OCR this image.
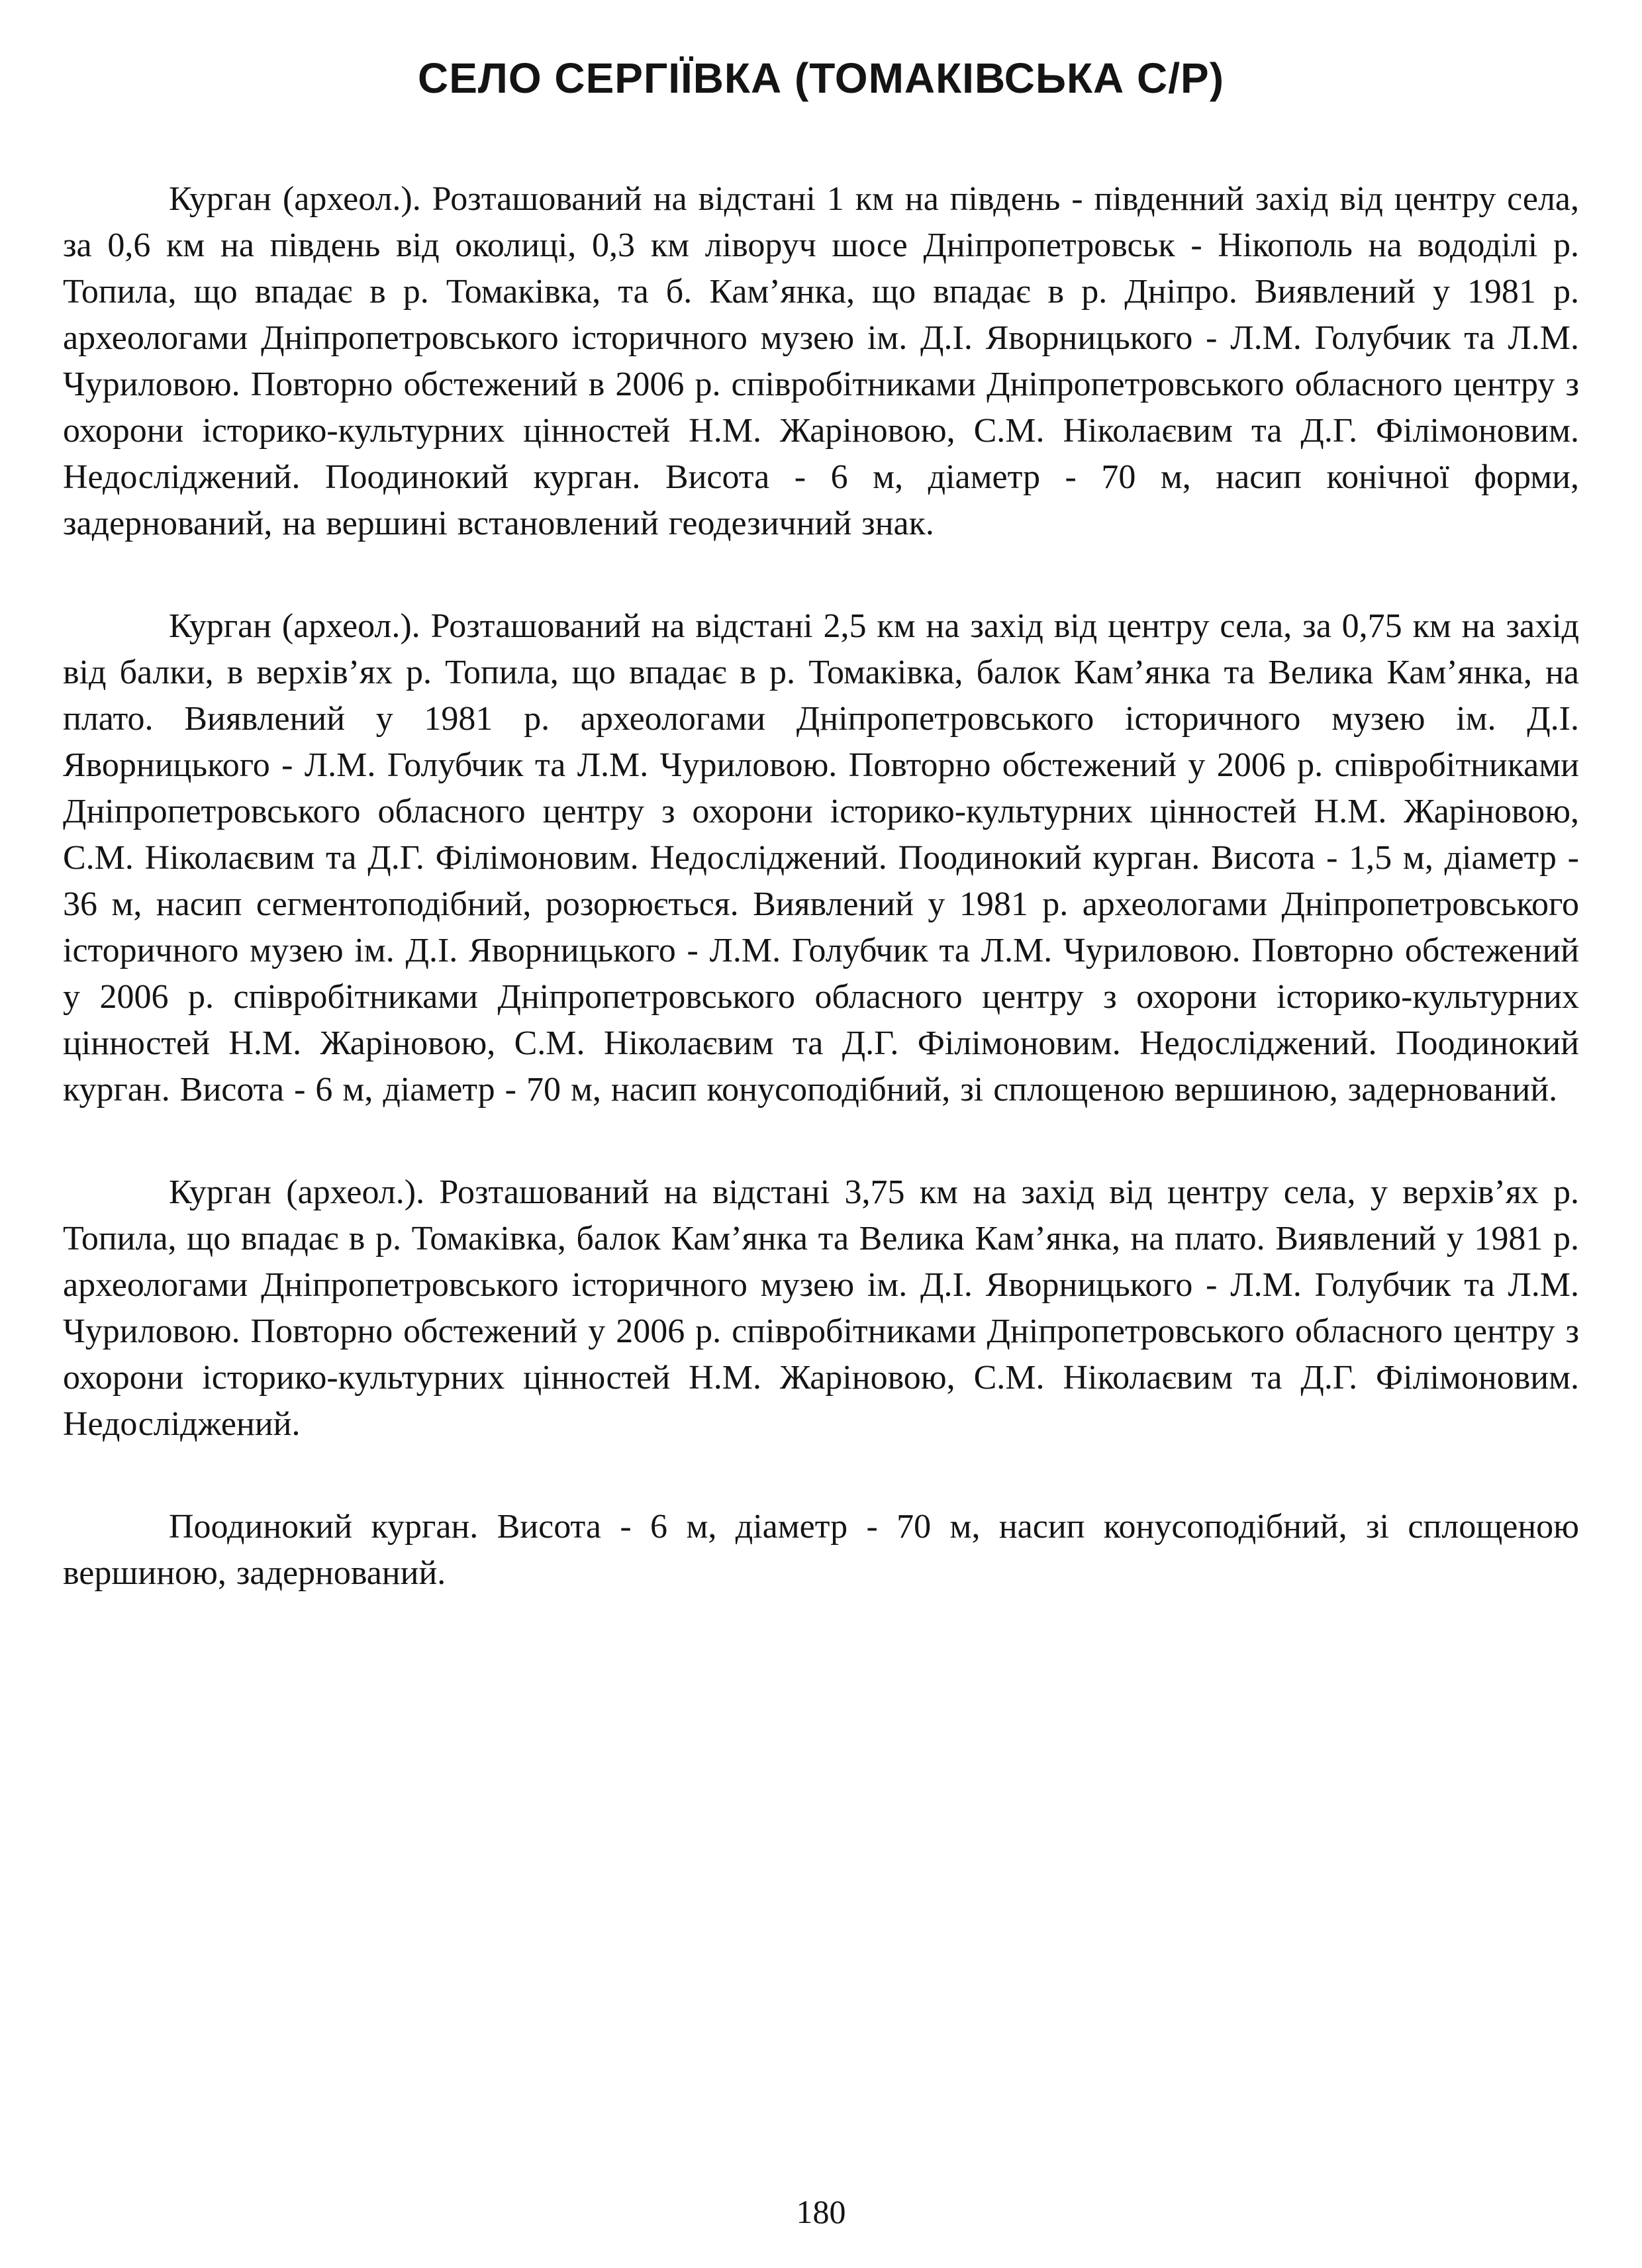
СЕЛО СЕРГІЇВКА (ТОМАКІВСЬКА С/Р)

Курган (археол.). Розташований на відстані 1 км на південь - південний захід від центру села, за 0,6 км на південь від околиці, 0,3 км ліворуч шосе Дніпропетровськ - Нікополь на вододілі р. Топила, що впадає в р. Томаківка, та б. Кам’янка, що впадає в р. Дніпро. Виявлений у 1981 р. археологами Дніпропетровського історичного музею ім. Д.І. Яворницького - Л.М. Голубчик та Л.М. Чуриловою. Повторно обстежений в 2006 р. співробітниками Дніпропетровського обласного центру з охорони історико-культурних цінностей Н.М. Жаріновою, С.М. Ніколаєвим та Д.Г. Філімоновим. Недосліджений. Поодинокий курган. Висота - 6 м, діаметр - 70 м, насип конічної форми, задернований, на вершині встановлений геодезичний знак.

Курган (археол.). Розташований на відстані 2,5 км на захід від центру села, за 0,75 км на захід від балки, в верхів’ях р. Топила, що впадає в р. Томаківка, балок Кам’янка та Велика Кам’янка, на плато. Виявлений у 1981 р. археологами Дніпропетровського історичного музею ім. Д.І. Яворницького - Л.М. Голубчик та Л.М. Чуриловою. Повторно обстежений у 2006 р. співробітниками Дніпропетровського обласного центру з охорони історико-культурних цінностей Н.М. Жаріновою, С.М. Ніколаєвим та Д.Г. Філімоновим. Недосліджений. Поодинокий курган. Висота - 1,5 м, діаметр - 36 м, насип сегментоподібний, розорюється. Виявлений у 1981 р. археологами Дніпропетровського історичного музею ім. Д.І. Яворницького - Л.М. Голубчик та Л.М. Чуриловою. Повторно обстежений у 2006 р. співробітниками Дніпропетровського обласного центру з охорони історико-культурних цінностей Н.М. Жаріновою, С.М. Ніколаєвим та Д.Г. Філімоновим. Недосліджений. Поодинокий курган. Висота - 6 м, діаметр - 70 м, насип конусоподібний, зі сплощеною вершиною, задернований.

Курган (археол.). Розташований на відстані 3,75 км на захід від центру села, у верхів’ях р. Топила, що впадає в р. Томаківка, балок Кам’янка та Велика Кам’янка, на плато. Виявлений у 1981 р. археологами Дніпропетровського історичного музею ім. Д.І. Яворницького - Л.М. Голубчик та Л.М. Чуриловою. Повторно обстежений у 2006 р. співробітниками Дніпропетровського обласного центру з охорони історико-культурних цінностей Н.М. Жаріновою, С.М. Ніколаєвим та Д.Г. Філімоновим. Недосліджений.

Поодинокий курган. Висота - 6 м, діаметр - 70 м, насип конусоподібний, зі сплощеною вершиною, задернований.

180
